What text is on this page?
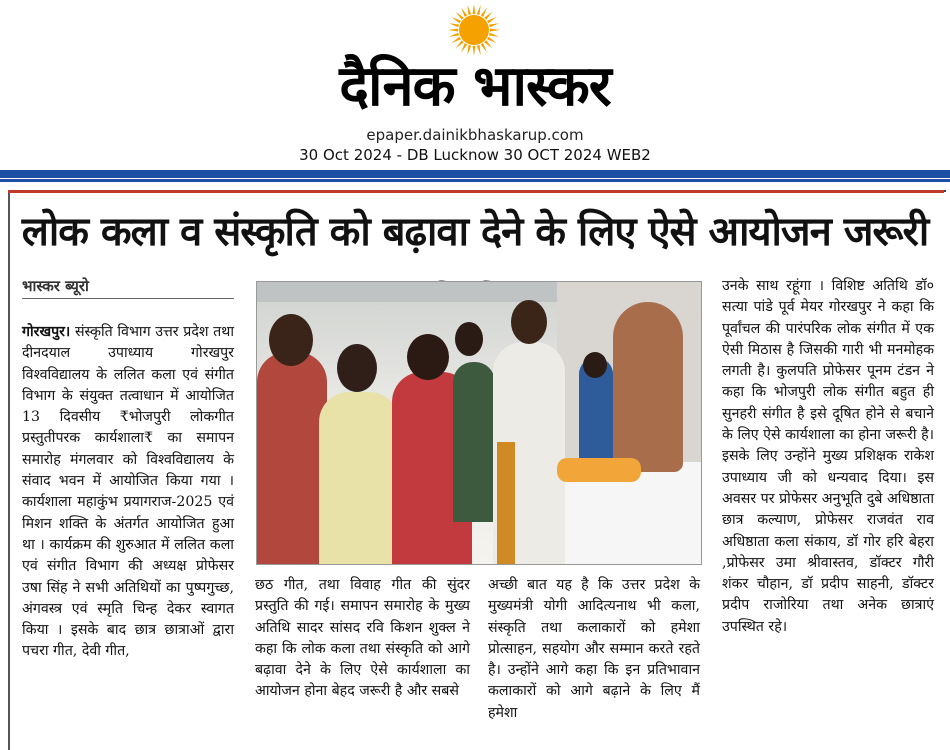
दैनिक भास्कर
epaper.dainikbhaskarup.com
30 Oct 2024 - DB Lucknow 30 OCT 2024 WEB2
लोक कला व संस्कृति को बढ़ावा देने के लिए ऐसे आयोजन जरूरी
भास्कर ब्यूरो
गोरखपुर। संस्कृति विभाग उत्तर प्रदेश तथा दीनदयाल उपाध्याय गोरखपुर विश्वविद्यालय के ललित कला एवं संगीत विभाग के संयुक्त तत्वाधान में आयोजित 13 दिवसीय ₹भोजपुरी लोकगीत प्रस्तुतीपरक कार्यशाला₹ का समापन समारोह मंगलवार को विश्वविद्यालय के संवाद भवन में आयोजित किया गया । कार्यशाला महाकुंभ प्रयागराज-2025 एवं मिशन शक्ति के अंतर्गत आयोजित हुआ था । कार्यक्रम की शुरुआत में ललित कला एवं संगीत विभाग की अध्यक्ष प्रोफेसर उषा सिंह ने सभी अतिथियों का पुष्पगुच्छ, अंगवस्त्र एवं स्मृति चिन्ह देकर स्वागत किया । इसके बाद छात्र छात्राओं द्वारा पचरा गीत, देवी गीत,
छठ गीत, तथा विवाह गीत की सुंदर प्रस्तुति की गई। समापन समारोह के मुख्य अतिथि सादर सांसद रवि किशन शुक्ल ने कहा कि लोक कला तथा संस्कृति को आगे बढ़ावा देने के लिए ऐसे कार्यशाला का आयोजन होना बेहद जरूरी है और सबसे
अच्छी बात यह है कि उत्तर प्रदेश के मुख्यमंत्री योगी आदित्यनाथ भी कला, संस्कृति तथा कलाकारों को हमेशा प्रोत्साहन, सहयोग और सम्मान करते रहते है। उन्होंने आगे कहा कि इन प्रतिभावान कलाकारों को आगे बढ़ाने के लिए मैं हमेशा
उनके साथ रहूंगा । विशिष्ट अतिथि डॉ० सत्या पांडे पूर्व मेयर गोरखपुर ने कहा कि पूर्वांचल की पारंपरिक लोक संगीत में एक ऐसी मिठास है जिसकी गारी भी मनमोहक लगती है। कुलपति प्रोफेसर पूनम टंडन ने कहा कि भोजपुरी लोक संगीत बहुत ही सुनहरी संगीत है इसे दूषित होने से बचाने के लिए ऐसे कार्यशाला का होना जरूरी है। इसके लिए उन्होंने मुख्य प्रशिक्षक राकेश उपाध्याय जी को धन्यवाद दिया। इस अवसर पर प्रोफेसर अनुभूति दुबे अधिष्ठाता छात्र कल्याण, प्रोफेसर राजवंत राव अधिष्ठाता कला संकाय, डॉ गोर हरि बेहरा ,प्रोफेसर उमा श्रीवास्तव, डॉक्टर गौरी शंकर चौहान, डॉ प्रदीप साहनी, डॉक्टर प्रदीप राजोरिया तथा अनेक छात्राएं उपस्थित रहे।
